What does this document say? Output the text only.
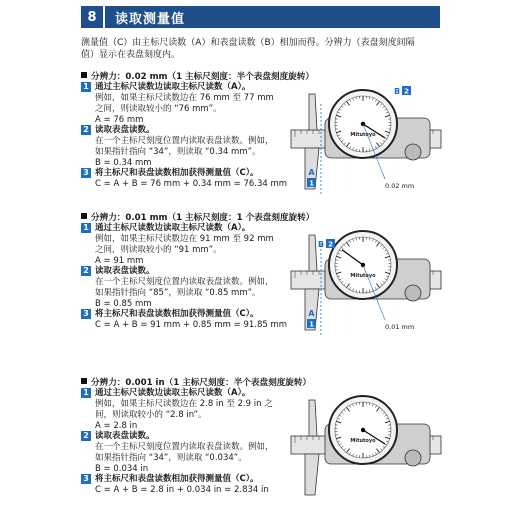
8	读取测量值
测量值（C）由主标尺读数（A）和表盘读数（B）相加而得。分辨力（表盘刻度间隔
值）显示在表盘刻度内。
分辨力：0.02 mm（1 主标尺刻度：半个表盘刻度旋转）
1 通过主标尺读数边读取主标尺读数（A）。
例如，如果主标尺读数边在 76 mm 至 77 mm
之间，则读取较小的 “76 mm”。
A = 76 mm
2 读取表盘读数。
在一个主标尺刻度位置内读取表盘读数。例如，
如果指针指向 “34”，则读取 “0.34 mm”。
B = 0.34 mm
3 将主标尺和表盘读数相加获得测量值（C）。
C = A + B = 76 mm + 0.34 mm = 76.34 mm
Mitutoyo
1
A
B 2
0.02 mm
分辨力：0.01 mm（1 主标尺刻度：1 个表盘刻度旋转）
1 通过主标尺读数边读取主标尺读数（A）。
例如，如果主标尺读数边在 91 mm 至 92 mm
之间，则读取较小的 “91 mm”。
A = 91 mm
2 读取表盘读数。
在一个主标尺刻度位置内读取表盘读数。例如，
如果指针指向 “85”，则读取 “0.85 mm”。
B = 0.85 mm
3 将主标尺和表盘读数相加获得测量值（C）。
C = A + B = 91 mm + 0.85 mm = 91.85 mm
Mitutoyo
1
A
B 2
0.01 mm
分辨力：0.001 in（1 主标尺刻度：半个表盘刻度旋转）
1 通过主标尺读数边读取主标尺读数（A）。
例如，如果主标尺读数边在 2.8 in 至 2.9 in 之
间，则读取较小的 “2.8 in”。
A = 2.8 in
2 读取表盘读数。
在一个主标尺刻度位置内读取表盘读数。例如，
如果指针指向 “34”，则读取 “0.034”。
B = 0.034 in
3 将主标尺和表盘读数相加获得测量值（C）。
C = A + B = 2.8 in + 0.034 in = 2.834 in
Mitutoyo
